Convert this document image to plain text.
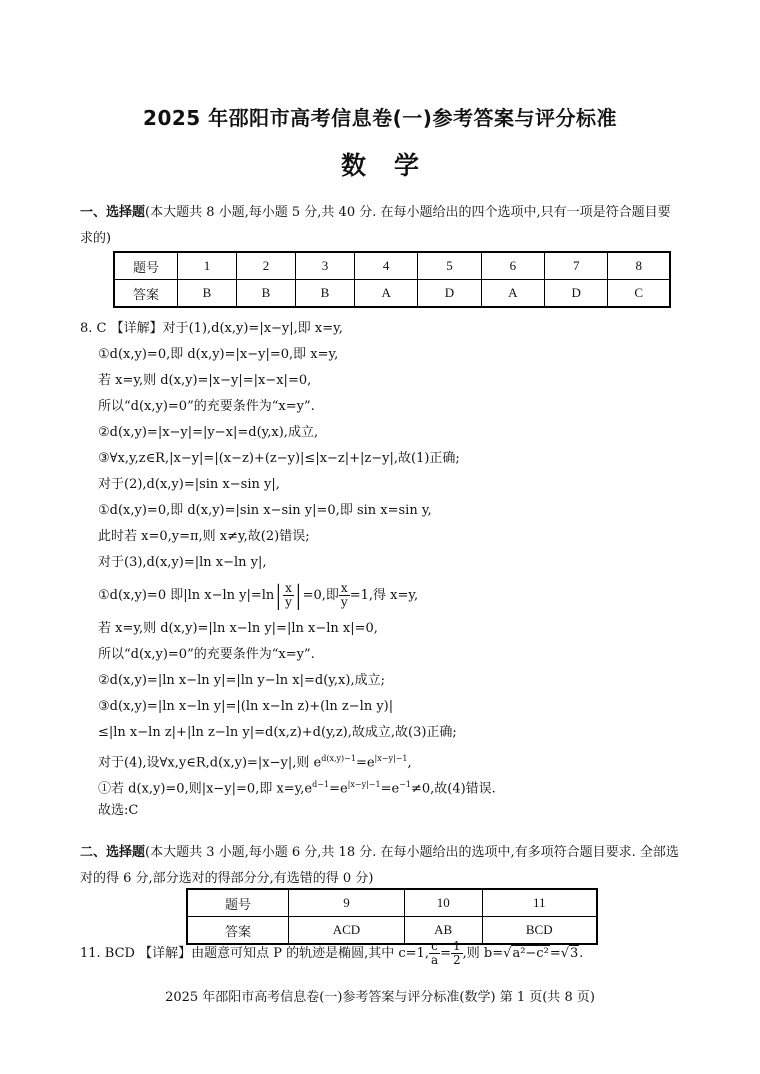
2025 年邵阳市高考信息卷(一)参考答案与评分标准
数学
一、选择题(本大题共 8 小题,每小题 5 分,共 40 分. 在每小题给出的四个选项中,只有一项是符合题目要求的)
题号	1	2	3	4	5	6	7	8
答案	B	B	B	A	D	A	D	C
8. C 【详解】对于(1),d(x,y)=|x−y|,即 x=y,
①d(x,y)=0,即 d(x,y)=|x−y|=0,即 x=y,
若 x=y,则 d(x,y)=|x−y|=|x−x|=0,
所以“d(x,y)=0”的充要条件为“x=y”.
②d(x,y)=|x−y|=|y−x|=d(y,x),成立,
③∀x,y,z∈R,|x−y|=|(x−z)+(z−y)|≤|x−z|+|z−y|,故(1)正确;
对于(2),d(x,y)=|sin x−sin y|,
①d(x,y)=0,即 d(x,y)=|sin x−sin y|=0,即 sin x=sin y,
此时若 x=0,y=π,则 x≠y,故(2)错误;
对于(3),d(x,y)=|ln x−ln y|,
①d(x,y)=0 即|ln x−ln $y|=\ln| \frac{x}{y}$ | =0,即 $\frac{x}{y} =1$,得 x=y,
若 x=y,则 d(x,y)=|ln x−ln y|=|ln x−ln x|=0,
所以“d(x,y)=0”的充要条件为“x=y”.
②d(x,y)=|ln x−ln y|=|ln y−ln x|=d(y,x),成立;
③d(x,y)=|ln x−ln y|=|(ln x−ln z)+(ln z−ln y)|
≤|ln x−ln z|+|ln z−ln y|=d(x,z)+d(y,z),故成立,故(3)正确;
对于(4),设∀x,y∈R,d(x,y)=|x−y|,则 $e^{d(x,y)-1}=e^{|x-y|-1}$,
①若 d(x,y)=0,则|x−y|=0,即 $x=y,e^{d-1}=e^{|x-y|-1}=e^{-1}\ne 0$,故(4)错误.
故选:C
二、选择题(本大题共 3 小题,每小题 6 分,共 18 分. 在每小题给出的选项中,有多项符合题目要求. 全部选对的得 6 分,部分选对的得部分分,有选错的得 0 分)
题号	9	10	11
答案	ACD	AB	BCD
11. BCD 【详解】由题意可知点 P 的轨迹是椭圆,其中 c=1, $\frac{c}{a} = \frac{1}{2}$ ,则 b=√a²−c²=√3.
2025 年邵阳市高考信息卷(一)参考答案与评分标准(数学) 第 1 页(共 8 页)
